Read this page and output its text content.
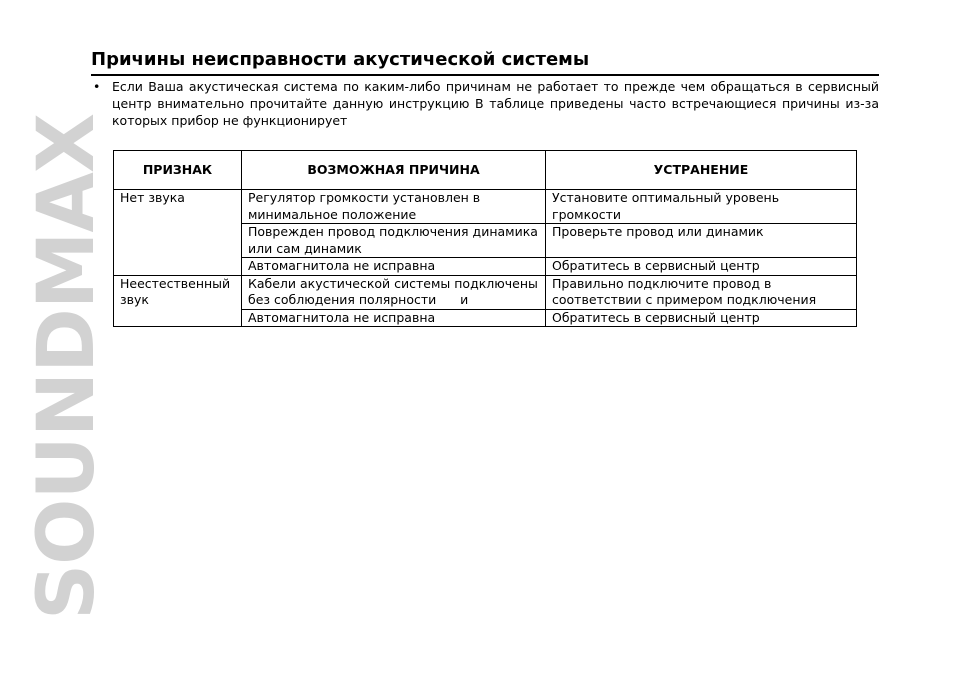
SOUNDMAX
Причины неисправности акустической системы
• Если Ваша акустическая система по каким-либо причинам не работает то прежде чем обращаться в сервисный центр внимательно прочитайте данную инструкцию В таблице приведены часто встречающиеся причины из-за которых прибор не функционирует
ПРИЗНАК	ВОЗМОЖНАЯ ПРИЧИНА	УСТРАНЕНИЕ
Нет звука	Регулятор громкости установлен в минимальное положение	Установите оптимальный уровень громкости
	Поврежден провод подключения динамика или сам динамик	Проверьте провод или динамик
	Автомагнитола не исправна	Обратитесь в сервисный центр
Неестественный звук	Кабели акустической системы подключены без соблюдения полярности      и	Правильно подключите провод в соответствии с примером подключения
	Автомагнитола не исправна	Обратитесь в сервисный центр
